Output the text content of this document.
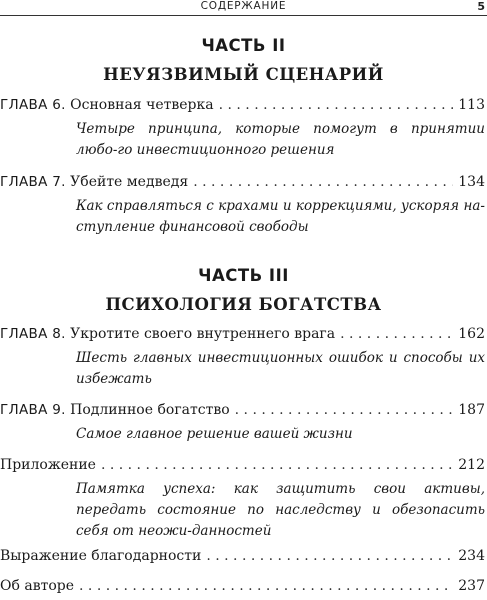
СОДЕРЖАНИЕ	5
ЧАСТЬ II
НЕУЯЗВИМЫЙ СЦЕНАРИЙ
ГЛАВА 6. Основная четверка . . .	113
Четыре принципа, которые помогут в принятии любо-го инвестиционного решения
ГЛАВА 7. Убейте медведя . . .	134
Как справляться с крахами и коррекциями, ускоряя на-ступление финансовой свободы
ЧАСТЬ III
ПСИХОЛОГИЯ БОГАТСТВА
ГЛАВА 8. Укротите своего внутреннего врага . . .	162
Шесть главных инвестиционных ошибок и способы их избежать
ГЛАВА 9. Подлинное богатство . . .	187
Самое главное решение вашей жизни
Приложение . . .	212
Памятка успеха: как защитить свои активы, передать состояние по наследству и обезопасить себя от неожи-данностей
Выражение благодарности . . .	234
Об авторе . . .	237
